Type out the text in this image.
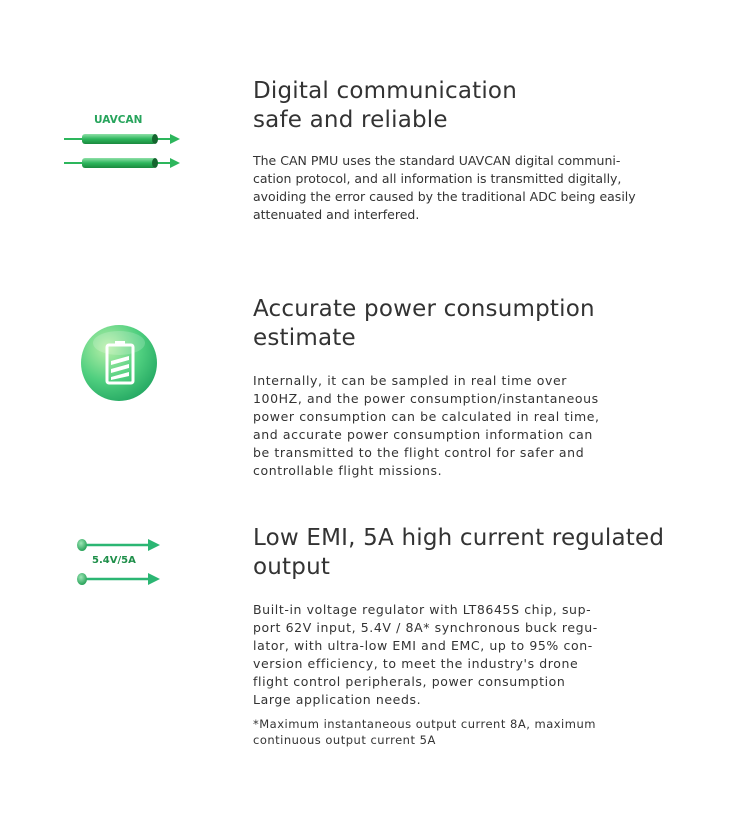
UAVCAN
Digital communication
safe and reliable

The CAN PMU uses the standard UAVCAN digital communi-
cation protocol, and all information is transmitted digitally,
avoiding the error caused by the traditional ADC being easily
attenuated and interfered.

Accurate power consumption
estimate

Internally, it can be sampled in real time over
100HZ, and the power consumption/instantaneous
power consumption can be calculated in real time,
and accurate power consumption information can
be transmitted to the flight control for safer and
controllable flight missions.

5.4V/5A
Low EMI, 5A high current regulated
output

Built-in voltage regulator with LT8645S chip, sup-
port 62V input, 5.4V / 8A* synchronous buck regu-
lator, with ultra-low EMI and EMC, up to 95% con-
version efficiency, to meet the industry's drone
flight control peripherals, power consumption
Large application needs.

*Maximum instantaneous output current 8A, maximum
continuous output current 5A
